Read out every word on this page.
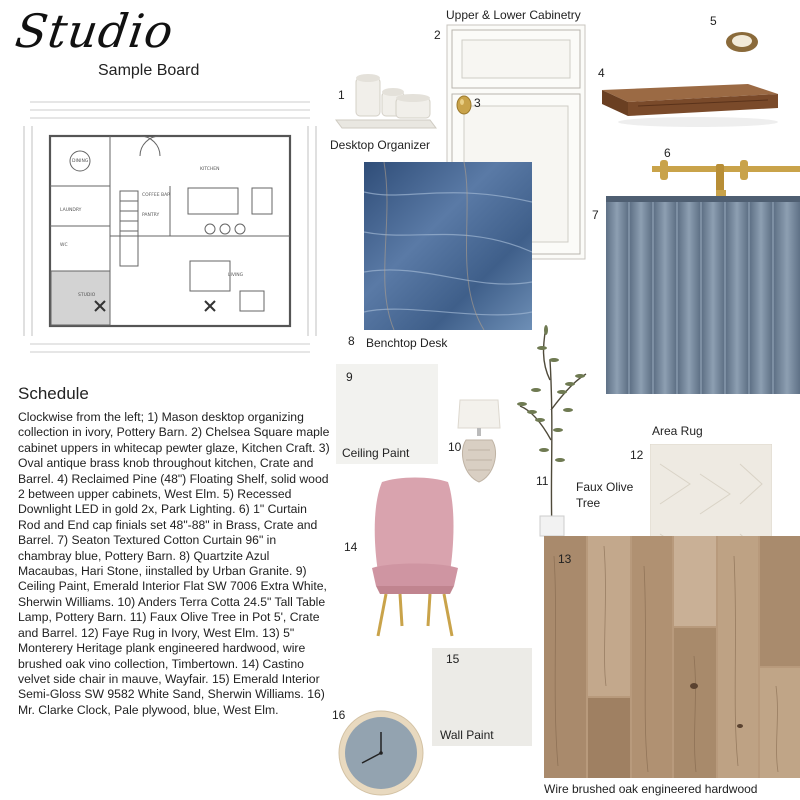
Studio
Sample Board
DINING
KITCHEN
LAUNDRY
COFFEE BAR
PANTRY
LIVING
STUDIO
WC
Schedule
Clockwise from the left; 1) Mason desktop organizing collection in ivory, Pottery Barn. 2) Chelsea Square maple cabinet uppers in whitecap pewter glaze, Kitchen Craft. 3) Oval antique brass knob throughout kitchen, Crate and Barrel. 4) Reclaimed Pine (48") Floating Shelf, solid wood 2 between upper cabinets, West Elm. 5) Recessed Downlight LED in gold 2x, Park Lighting. 6) 1" Curtain Rod and End cap finials set 48"-88" in Brass, Crate and Barrel. 7) Seaton Textured Cotton Curtain 96" in chambray blue, Pottery Barn. 8) Quartzite Azul Macaubas, Hari Stone, iinstalled by Urban Granite. 9) Ceiling Paint, Emerald Interior Flat SW 7006 Extra White, Sherwin Williams. 10) Anders Terra Cotta 24.5" Tall Table Lamp, Pottery Barn. 11) Faux Olive Tree in Pot 5', Crate and Barrel. 12) Faye Rug in Ivory, West Elm. 13) 5" Monterery Heritage plank engineered hardwood, wire brushed oak vino collection, Timbertown. 14) Castino velvet side chair in mauve, Wayfair. 15) Emerald Interior Semi-Gloss SW 9582 White Sand, Sherwin Williams. 16) Mr. Clarke Clock, Pale plywood, blue, West Elm.
1
Desktop Organizer
Upper & Lower Cabinetry
2
3
5
4
6
7
8 Benchtop Desk
9
Ceiling Paint	10
11 Faux Olive
Tree
Area Rug
12
13
Wire brushed oak engineered hardwood
14
15
Wall Paint
16
